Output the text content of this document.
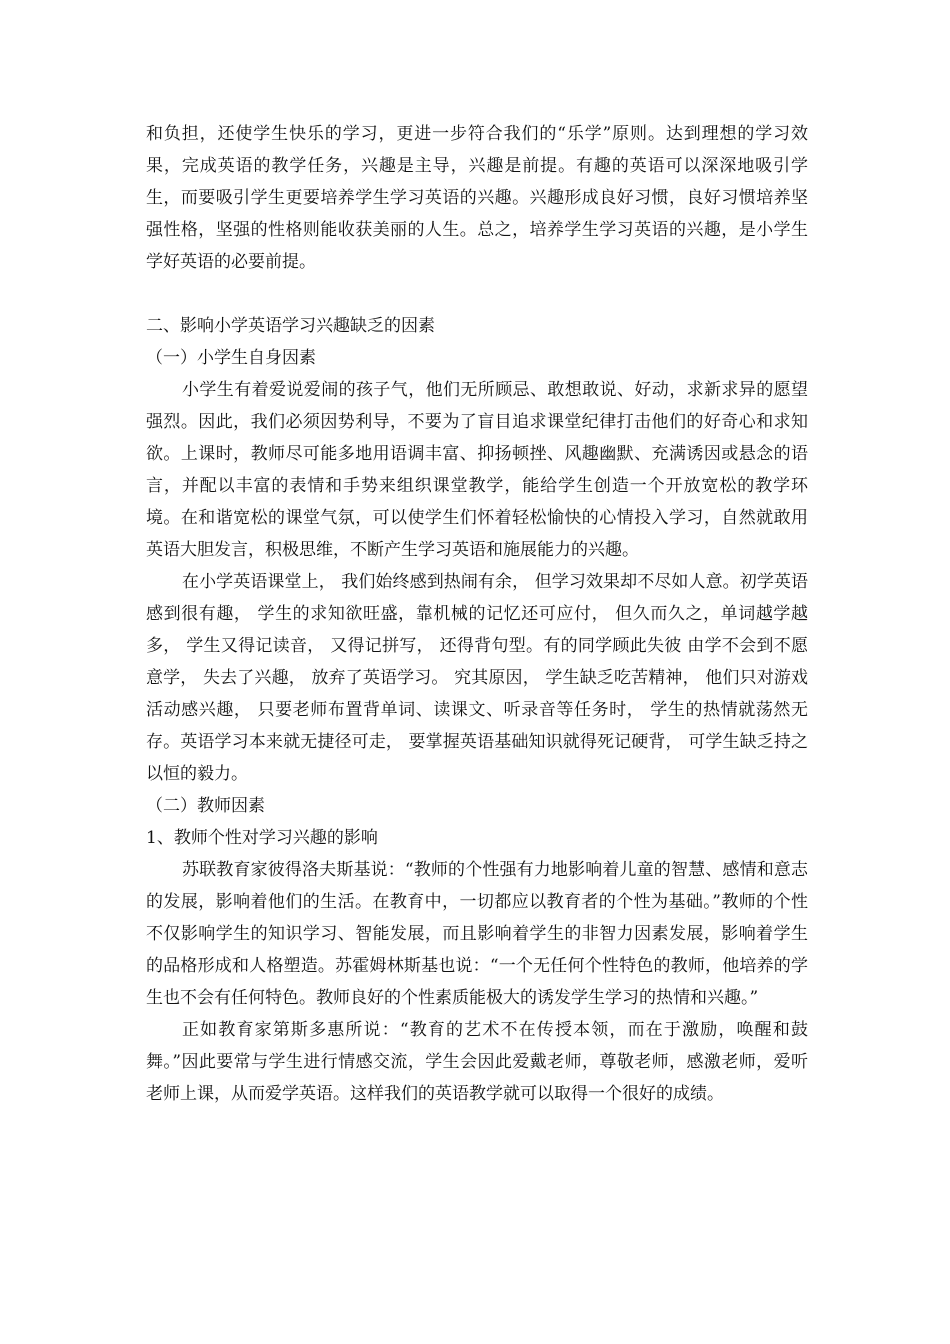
和负担，还使学生快乐的学习，更进一步符合我们的“乐学”原则。达到理想的学习效果，完成英语的教学任务，兴趣是主导，兴趣是前提。有趣的英语可以深深地吸引学生，而要吸引学生更要培养学生学习英语的兴趣。兴趣形成良好习惯，良好习惯培养坚强性格，坚强的性格则能收获美丽的人生。总之，培养学生学习英语的兴趣，是小学生学好英语的必要前提。

二、影响小学英语学习兴趣缺乏的因素

（一）小学生自身因素

小学生有着爱说爱闹的孩子气，他们无所顾忌、敢想敢说、好动，求新求异的愿望强烈。因此，我们必须因势利导，不要为了盲目追求课堂纪律打击他们的好奇心和求知欲。上课时，教师尽可能多地用语调丰富、抑扬顿挫、风趣幽默、充满诱因或悬念的语言，并配以丰富的表情和手势来组织课堂教学，能给学生创造一个开放宽松的教学环境。在和谐宽松的课堂气氛，可以使学生们怀着轻松愉快的心情投入学习，自然就敢用英语大胆发言，积极思维，不断产生学习英语和施展能力的兴趣。

在小学英语课堂上， 我们始终感到热闹有余， 但学习效果却不尽如人意。初学英语感到很有趣， 学生的求知欲旺盛，靠机械的记忆还可应付， 但久而久之，单词越学越多， 学生又得记读音， 又得记拼写， 还得背句型。有的同学顾此失彼 由学不会到不愿意学， 失去了兴趣， 放弃了英语学习。 究其原因， 学生缺乏吃苦精神， 他们只对游戏活动感兴趣， 只要老师布置背单词、读课文、听录音等任务时， 学生的热情就荡然无存。英语学习本来就无捷径可走， 要掌握英语基础知识就得死记硬背， 可学生缺乏持之以恒的毅力。

（二）教师因素

1、教师个性对学习兴趣的影响

苏联教育家彼得洛夫斯基说：“教师的个性强有力地影响着儿童的智慧、感情和意志的发展，影响着他们的生活。在教育中，一切都应以教育者的个性为基础。”教师的个性不仅影响学生的知识学习、智能发展，而且影响着学生的非智力因素发展，影响着学生的品格形成和人格塑造。苏霍姆林斯基也说：“一个无任何个性特色的教师，他培养的学生也不会有任何特色。教师良好的个性素质能极大的诱发学生学习的热情和兴趣。”

正如教育家第斯多惠所说：“教育的艺术不在传授本领，而在于激励，唤醒和鼓舞。”因此要常与学生进行情感交流，学生会因此爱戴老师，尊敬老师，感激老师，爱听老师上课，从而爱学英语。这样我们的英语教学就可以取得一个很好的成绩。
